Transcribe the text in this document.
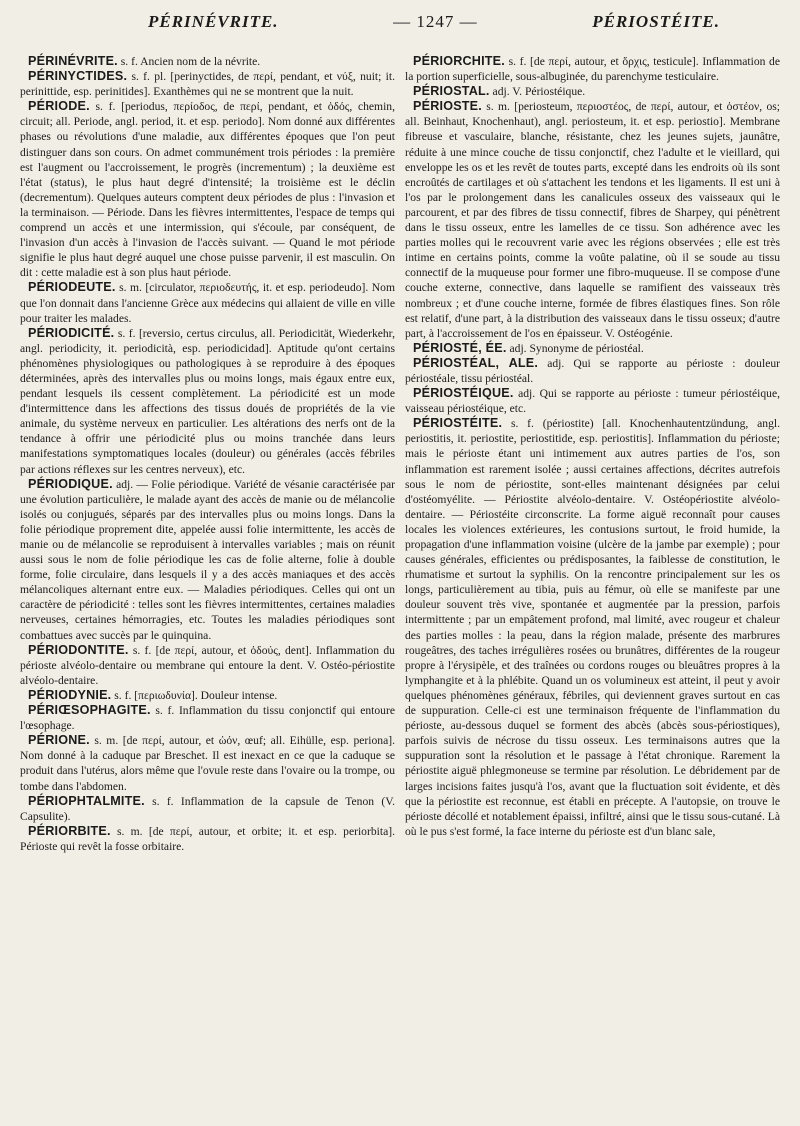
PÉRINÉVRITE.	— 1247 —	PÉRIOSTÉITE.

PÉRINÉVRITE. s. f. Ancien nom de la névrite.

PÉRINYCTIDES. s. f. pl. [perinyctides, de περί, pendant, et νύξ, nuit; it. perinittide, esp. perinitides]. Exanthèmes qui ne se montrent que la nuit.

PÉRIODE. s. f. [periodus, περίοδος, de περί, pendant, et ὁδός, chemin, circuit; all. Periode, angl. period, it. et esp. periodo]. Nom donné aux différentes phases ou révolutions d'une maladie, aux différentes époques que l'on peut distinguer dans son cours. On admet communément trois périodes : la première est l'augment ou l'accroissement, le progrès (incrementum) ; la deuxième est l'état (status), le plus haut degré d'intensité; la troisième est le déclin (decrementum). Quelques auteurs comptent deux périodes de plus : l'invasion et la terminaison. — Période. Dans les fièvres intermittentes, l'espace de temps qui comprend un accès et une intermission, qui s'écoule, par conséquent, de l'invasion d'un accès à l'invasion de l'accès suivant. — Quand le mot période signifie le plus haut degré auquel une chose puisse parvenir, il est masculin. On dit : cette maladie est à son plus haut période.

PÉRIODEUTE. s. m. [circulator, περιοδευτής, it. et esp. periodeudo]. Nom que l'on donnait dans l'ancienne Grèce aux médecins qui allaient de ville en ville pour traiter les malades.

PÉRIODICITÉ. s. f. [reversio, certus circulus, all. Periodicität, Wiederkehr, angl. periodicity, it. periodicità, esp. periodicidad]. Aptitude qu'ont certains phénomènes physiologiques ou pathologiques à se reproduire à des époques déterminées, après des intervalles plus ou moins longs, mais égaux entre eux, pendant lesquels ils cessent complètement. La périodicité est un mode d'intermittence dans les affections des tissus doués de propriétés de la vie animale, du système nerveux en particulier. Les altérations des nerfs ont de la tendance à offrir une périodicité plus ou moins tranchée dans leurs manifestations symptomatiques locales (douleur) ou générales (accès fébriles par actions réflexes sur les centres nerveux), etc.

PÉRIODIQUE. adj. — Folie périodique. Variété de vésanie caractérisée par une évolution particulière, le malade ayant des accès de manie ou de mélancolie isolés ou conjugués, séparés par des intervalles plus ou moins longs. Dans la folie périodique proprement dite, appelée aussi folie intermittente, les accès de manie ou de mélancolie se reproduisent à intervalles variables ; mais on réunit aussi sous le nom de folie périodique les cas de folie alterne, folie à double forme, folie circulaire, dans lesquels il y a des accès maniaques et des accès mélancoliques alternant entre eux. — Maladies périodiques. Celles qui ont un caractère de périodicité : telles sont les fièvres intermittentes, certaines maladies nerveuses, certaines hémorragies, etc. Toutes les maladies périodiques sont combattues avec succès par le quinquina.

PÉRIODONTITE. s. f. [de περί, autour, et ὀδούς, dent]. Inflammation du périoste alvéolo-dentaire ou membrane qui entoure la dent. V. Ostéo-périostite alvéolo-dentaire.

PÉRIODYNIE. s. f. [περιωδυνία]. Douleur intense.

PÉRIŒSOPHAGITE. s. f. Inflammation du tissu conjonctif qui entoure l'œsophage.

PÉRIONE. s. m. [de περί, autour, et ὠόν, œuf; all. Eihülle, esp. periona]. Nom donné à la caduque par Breschet. Il est inexact en ce que la caduque se produit dans l'utérus, alors même que l'ovule reste dans l'ovaire ou la trompe, ou tombe dans l'abdomen.

PÉRIOPHTALMITE. s. f. Inflammation de la capsule de Tenon (V. Capsulite).

PÉRIORBITE. s. m. [de περί, autour, et orbite; it. et esp. periorbita]. Périoste qui revêt la fosse orbitaire.

PÉRIORCHITE. s. f. [de περί, autour, et ὄρχις, testicule]. Inflammation de la portion superficielle, sous-albuginée, du parenchyme testiculaire.

PÉRIOSTAL. adj. V. Périostéique.

PÉRIOSTE. s. m. [periosteum, περιοστέος, de περί, autour, et ὀστέον, os; all. Beinhaut, Knochenhaut), angl. periosteum, it. et esp. periostio]. Membrane fibreuse et vasculaire, blanche, résistante, chez les jeunes sujets, jaunâtre, réduite à une mince couche de tissu conjonctif, chez l'adulte et le vieillard, qui enveloppe les os et les revêt de toutes parts, excepté dans les endroits où ils sont encroûtés de cartilages et où s'attachent les tendons et les ligaments. Il est uni à l'os par le prolongement dans les canalicules osseux des vaisseaux qui le parcourent, et par des fibres de tissu connectif, fibres de Sharpey, qui pénètrent dans le tissu osseux, entre les lamelles de ce tissu. Son adhérence avec les parties molles qui le recouvrent varie avec les régions observées ; elle est très intime en certains points, comme la voûte palatine, où il se soude au tissu connectif de la muqueuse pour former une fibro-muqueuse. Il se compose d'une couche externe, connective, dans laquelle se ramifient des vaisseaux très nombreux ; et d'une couche interne, formée de fibres élastiques fines. Son rôle est relatif, d'une part, à la distribution des vaisseaux dans le tissu osseux; d'autre part, à l'accroissement de l'os en épaisseur. V. Ostéogénie.

PÉRIOSTÉ, ÉE. adj. Synonyme de périostéal.

PÉRIOSTÉAL, ALE. adj. Qui se rapporte au périoste : douleur périostéale, tissu périostéal.

PÉRIOSTÉIQUE. adj. Qui se rapporte au périoste : tumeur périostéique, vaisseau périostéique, etc.

PÉRIOSTÉITE. s. f. (périostite) [all. Knochenhautentzündung, angl. periostitis, it. periostite, periostitide, esp. periostitis]. Inflammation du périoste; mais le périoste étant uni intimement aux autres parties de l'os, son inflammation est rarement isolée ; aussi certaines affections, décrites autrefois sous le nom de périostite, sont-elles maintenant désignées par celui d'ostéomyélite. — Périostite alvéolo-dentaire. V. Ostéopériostite alvéolo-dentaire. — Périostéite circonscrite. La forme aiguë reconnaît pour causes locales les violences extérieures, les contusions surtout, le froid humide, la propagation d'une inflammation voisine (ulcère de la jambe par exemple) ; pour causes générales, efficientes ou prédisposantes, la faiblesse de constitution, le rhumatisme et surtout la syphilis. On la rencontre principalement sur les os longs, particulièrement au tibia, puis au fémur, où elle se manifeste par une douleur souvent très vive, spontanée et augmentée par la pression, parfois intermittente ; par un empâtement profond, mal limité, avec rougeur et chaleur des parties molles : la peau, dans la région malade, présente des marbrures rougeâtres, des taches irrégulières rosées ou brunâtres, différentes de la rougeur propre à l'érysipèle, et des traînées ou cordons rouges ou bleuâtres propres à la lymphangite et à la phlébite. Quand un os volumineux est atteint, il peut y avoir quelques phénomènes généraux, fébriles, qui deviennent graves surtout en cas de suppuration. Celle-ci est une terminaison fréquente de l'inflammation du périoste, au-dessous duquel se forment des abcès (abcès sous-périostiques), parfois suivis de nécrose du tissu osseux. Les terminaisons autres que la suppuration sont la résolution et le passage à l'état chronique. Rarement la périostite aiguë phlegmoneuse se termine par résolution. Le débridement par de larges incisions faites jusqu'à l'os, avant que la fluctuation soit évidente, et dès que la périostite est reconnue, est établi en précepte. A l'autopsie, on trouve le périoste décollé et notablement épaissi, infiltré, ainsi que le tissu sous-cutané. Là où le pus s'est formé, la face interne du périoste est d'un blanc sale,
